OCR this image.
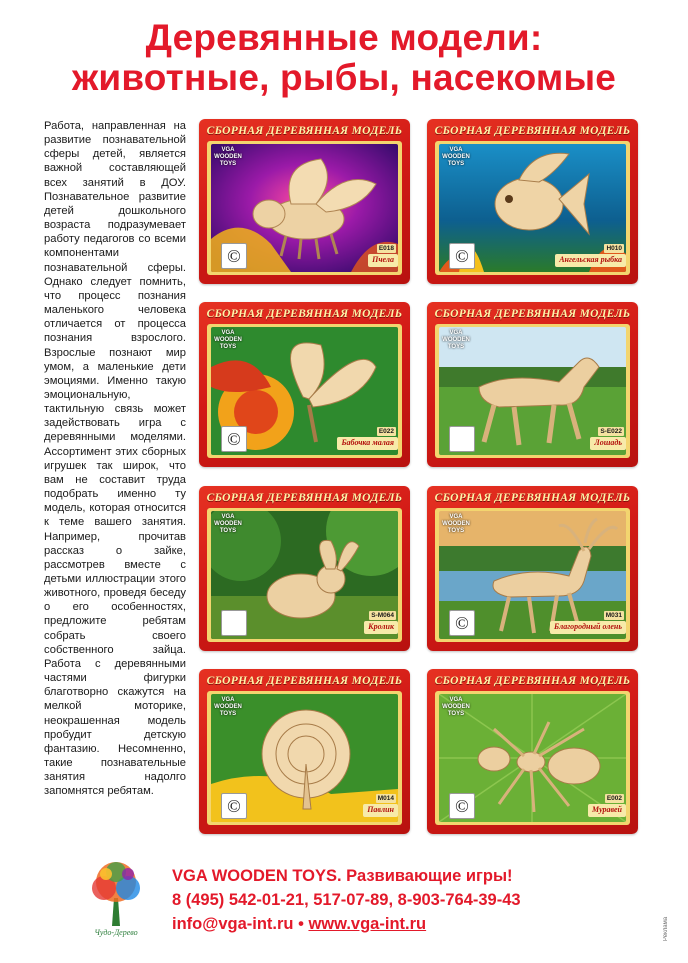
Деревянные модели:
животные, рыбы, насекомые

Работа, направленная на развитие познавательной сферы детей, является важной составляющей всех занятий в ДОУ. Познавательное развитие детей дошкольного возраста подразумевает работу педагогов со всеми компонентами познавательной сферы. Однако следует помнить, что процесс познания маленького человека отличается от процесса познания взрослого. Взрослые познают мир умом, а маленькие дети эмоциями. Именно такую эмоциональную, тактильную связь может задействовать игра с деревянными моделями. Ассортимент этих сборных игрушек так широк, что вам не составит труда подобрать именно ту модель, которая относится к теме вашего занятия. Например, прочитав рассказ о зайке, рассмотрев вместе с детьми иллюстрации этого животного, проведя беседу о его особенностях, предложите ребятам собрать своего собственного зайца. Работа с деревянными частями фигурки благотворно скажутся на мелкой моторике, неокрашенная модель пробудит детскую фантазию. Несомненно, такие познавательные занятия надолго запомнятся ребятам.

СБОРНАЯ ДЕРЕВЯННАЯ МОДЕЛЬ
VGA WOODEN TOYS
©	E018
Пчела
СБОРНАЯ ДЕРЕВЯННАЯ МОДЕЛЬ
VGA WOODEN TOYS
©	H010
Ангельская рыбка
СБОРНАЯ ДЕРЕВЯННАЯ МОДЕЛЬ
VGA WOODEN TOYS
©	E022
Бабочка малая
СБОРНАЯ ДЕРЕВЯННАЯ МОДЕЛЬ
VGA WOODEN TOYS
S-E022
Лошадь
СБОРНАЯ ДЕРЕВЯННАЯ МОДЕЛЬ
VGA WOODEN TOYS
S-M064
Кролик
СБОРНАЯ ДЕРЕВЯННАЯ МОДЕЛЬ
VGA WOODEN TOYS
©	M031
Благородный олень
СБОРНАЯ ДЕРЕВЯННАЯ МОДЕЛЬ
VGA WOODEN TOYS
©	M014
Павлин
СБОРНАЯ ДЕРЕВЯННАЯ МОДЕЛЬ
VGA WOODEN TOYS
©	E002
Муравей
Чудо-Дерево
VGA WOODEN TOYS. Развивающие игры!
8 (495) 542-01-21, 517-07-89, 8-903-764-39-43
info@vga-int.ru • www.vga-int.ru	Реклама
